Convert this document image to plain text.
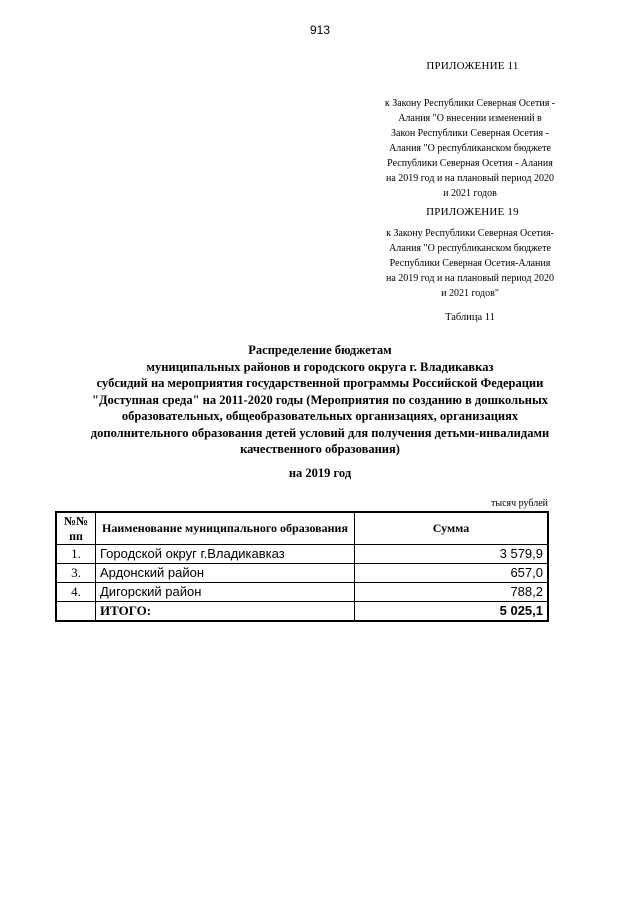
913
ПРИЛОЖЕНИЕ 11
к Закону Республики Северная Осетия -
Алания "О внесении изменений в
Закон Республики Северная Осетия -
Алания "О республиканском бюджете
Республики Северная Осетия - Алания
на 2019 год и на плановый период 2020
и 2021 годов
ПРИЛОЖЕНИЕ 19
к Закону Республики Северная Осетия-
Алания "О республиканском бюджете
Республики Северная Осетия-Алания
на 2019 год и на плановый период 2020
и 2021 годов"
Таблица 11
Распределение бюджетам
муниципальных районов и городского округа г. Владикавказ
субсидий на мероприятия государственной программы Российской Федерации
"Доступная среда" на 2011-2020 годы (Мероприятия по созданию в дошкольных
образовательных, общеобразовательных организациях, организациях
дополнительного образования детей условий для получения детьми-инвалидами
качественного образования)
на 2019 год
тысяч рублей
№№ пп	Наименование муниципального образования	Сумма
1.	Городской округ г.Владикавказ	3 579,9
3.	Ардонский район	657,0
4.	Дигорский район	788,2
	ИТОГО:	5 025,1
